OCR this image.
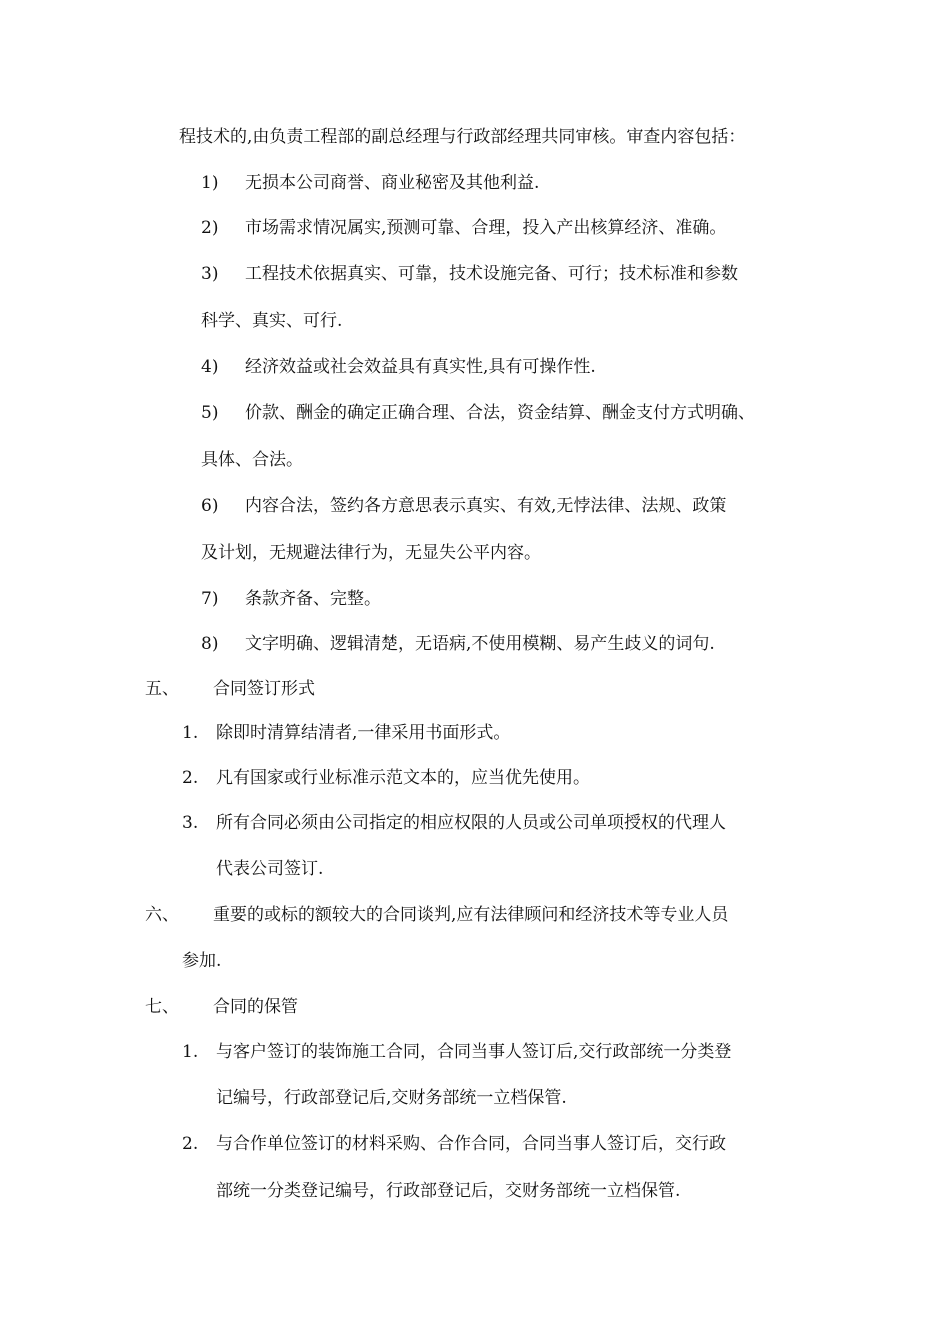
程技术的,由负责工程部的副总经理与行政部经理共同审核。审查内容包括：
1) 无损本公司商誉、商业秘密及其他利益.
2) 市场需求情况属实,预测可靠、合理，投入产出核算经济、准确。
3) 工程技术依据真实、可靠，技术设施完备、可行；技术标准和参数
科学、真实、可行.
4) 经济效益或社会效益具有真实性,具有可操作性.
5) 价款、酬金的确定正确合理、合法，资金结算、酬金支付方式明确、
具体、合法。
6) 内容合法，签约各方意思表示真实、有效,无悖法律、法规、政策
及计划，无规避法律行为，无显失公平内容。
7) 条款齐备、完整。
8) 文字明确、逻辑清楚，无语病,不使用模糊、易产生歧义的词句.
五、 合同签订形式
1. 除即时清算结清者,一律采用书面形式。
2. 凡有国家或行业标准示范文本的，应当优先使用。
3. 所有合同必须由公司指定的相应权限的人员或公司单项授权的代理人
代表公司签订.
六、 重要的或标的额较大的合同谈判,应有法律顾问和经济技术等专业人员
参加.
七、 合同的保管
1. 与客户签订的装饰施工合同，合同当事人签订后,交行政部统一分类登
记编号，行政部登记后,交财务部统一立档保管.
2. 与合作单位签订的材料采购、合作合同，合同当事人签订后，交行政
部统一分类登记编号，行政部登记后，交财务部统一立档保管.
